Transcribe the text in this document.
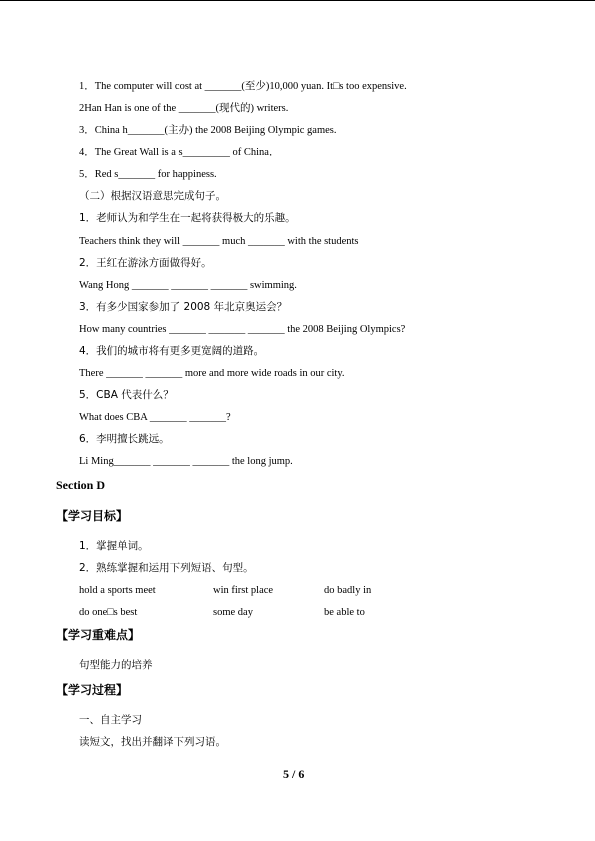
1．The computer will cost at _______(至少)10,000 yuan. It□s too expensive.
2Han Han is one of the _______(现代的) writers.
3．China h_______(主办) the 2008 Beijing Olympic games.
4．The Great Wall is a s_________ of China．
5．Red s_______ for happiness.
（二）根据汉语意思完成句子。
1．老师认为和学生在一起将获得极大的乐趣。
Teachers think they will _______ much _______ with the students
2．王红在游泳方面做得好。
Wang Hong _______ _______ _______ swimming.
3．有多少国家参加了 2008 年北京奥运会？
How many countries _______ _______ _______ the 2008 Beijing Olympics?
4．我们的城市将有更多更宽阔的道路。
There _______ _______ more and more wide roads in our city.
5．CBA 代表什么？
What does CBA _______ _______?
6．李明擅长跳远。
Li Ming_______ _______ _______ the long jump.
Section D
【学习目标】
1．掌握单词。
2．熟练掌握和运用下列短语、句型。
hold a sports meet	win first place	do badly in
do one□s best	some day	be able to
【学习重难点】
句型能力的培养
【学习过程】
一、自主学习
读短文，找出并翻译下列习语。
5 / 6
